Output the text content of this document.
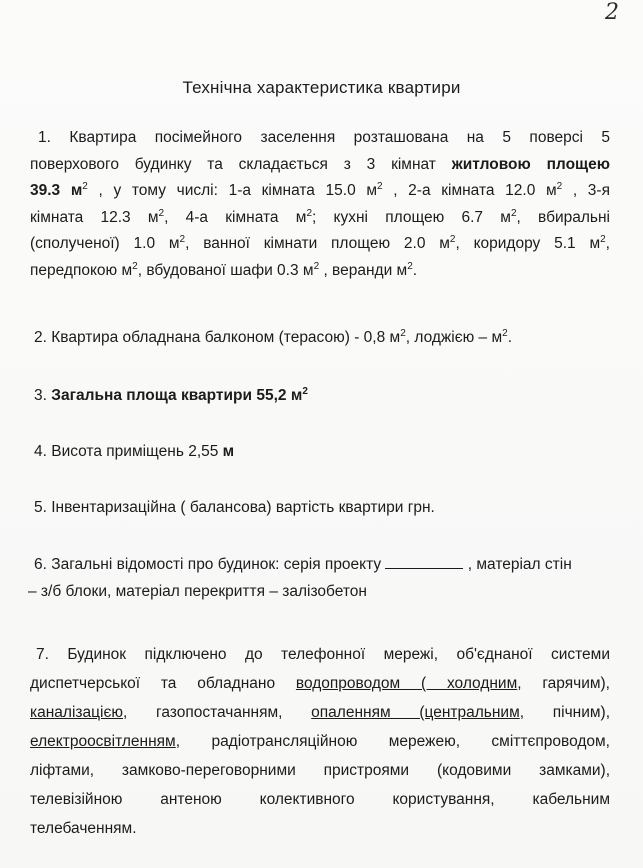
2
Технічна характеристика квартири
1. Квартира посімейного заселення розташована на 5 поверсі 5
поверхового будинку та складається з 3 кімнат житловою площею
39.3 $м^2$ , у тому числі: 1-а кімната 15.0 $м^2$ , 2-а кімната 12.0 $м^2$ , 3-я
кімната 12.3 $м^2$, 4-а кімната $м^2$; кухні площею 6.7 $м^2$, вбиральні
(сполученої) 1.0 $м^2$, ванної кімнати площею 2.0 $м^2$, коридору 5.1 $м^2$,
передпокою $м^2$, вбудованої шафи 0.3 $м^2$ , веранди $м^2$.
2. Квартира обладнана балконом (терасою) - 0,8 $м^2$, лоджією – $м^2$.
3. Загальна площа квартири 55,2 $м^2$
4. Висота приміщень 2,55 м
5. Інвентаризаційна ( балансова) вартість квартири грн.
6. Загальні відомості про будинок: серія проекту	, матеріал стін
– з/б блоки, матеріал перекриття – залізобетон
7. Будинок підключено до телефонної мережі, об'єднаної системи
диспетчерської та обладнано водопроводом ( холодним, гарячим),
каналізацією, газопостачанням, опаленням (центральним, пічним),
електроосвітленням, радіотрансляційною мережею, сміттєпроводом,
ліфтами, замково-переговорними пристроями (кодовими замками),
телевізійною антеною колективного користування, кабельним
телебаченням.
